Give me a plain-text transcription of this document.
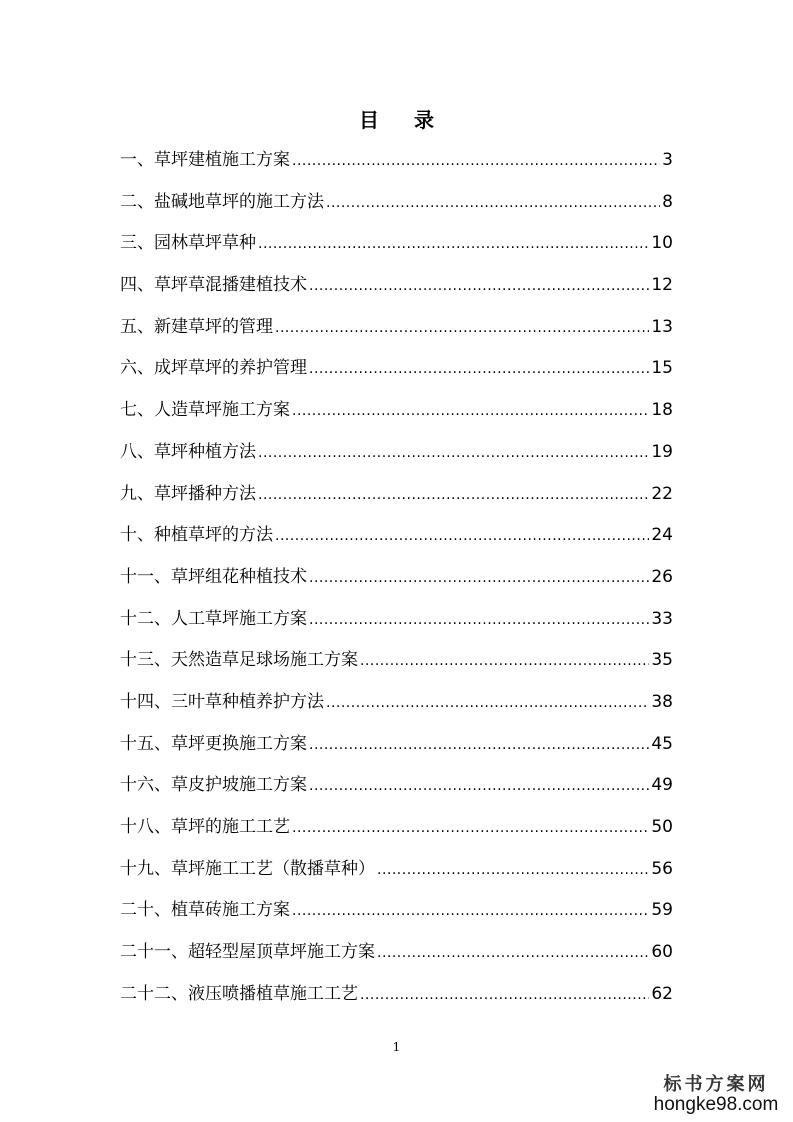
目 录
一、草坪建植施工方案 .....	3
二、盐碱地草坪的施工方法 .....	8
三、园林草坪草种 .....	10
四、草坪草混播建植技术 .....	12
五、新建草坪的管理 .....	13
六、成坪草坪的养护管理 .....	15
七、人造草坪施工方案 .....	18
八、草坪种植方法 .....	19
九、草坪播种方法 .....	22
十、种植草坪的方法 .....	24
十一、草坪组花种植技术 .....	26
十二、人工草坪施工方案 .....	33
十三、天然造草足球场施工方案 .....	35
十四、三叶草种植养护方法 .....	38
十五、草坪更换施工方案 .....	45
十六、草皮护坡施工方案 .....	49
十八、草坪的施工工艺 .....	50
十九、草坪施工工艺（散播草种） .....	56
二十、植草砖施工方案 .....	59
二十一、超轻型屋顶草坪施工方案 .....	60
二十二、液压喷播植草施工工艺 .....	62
1
标书方案网
hongke98.com
